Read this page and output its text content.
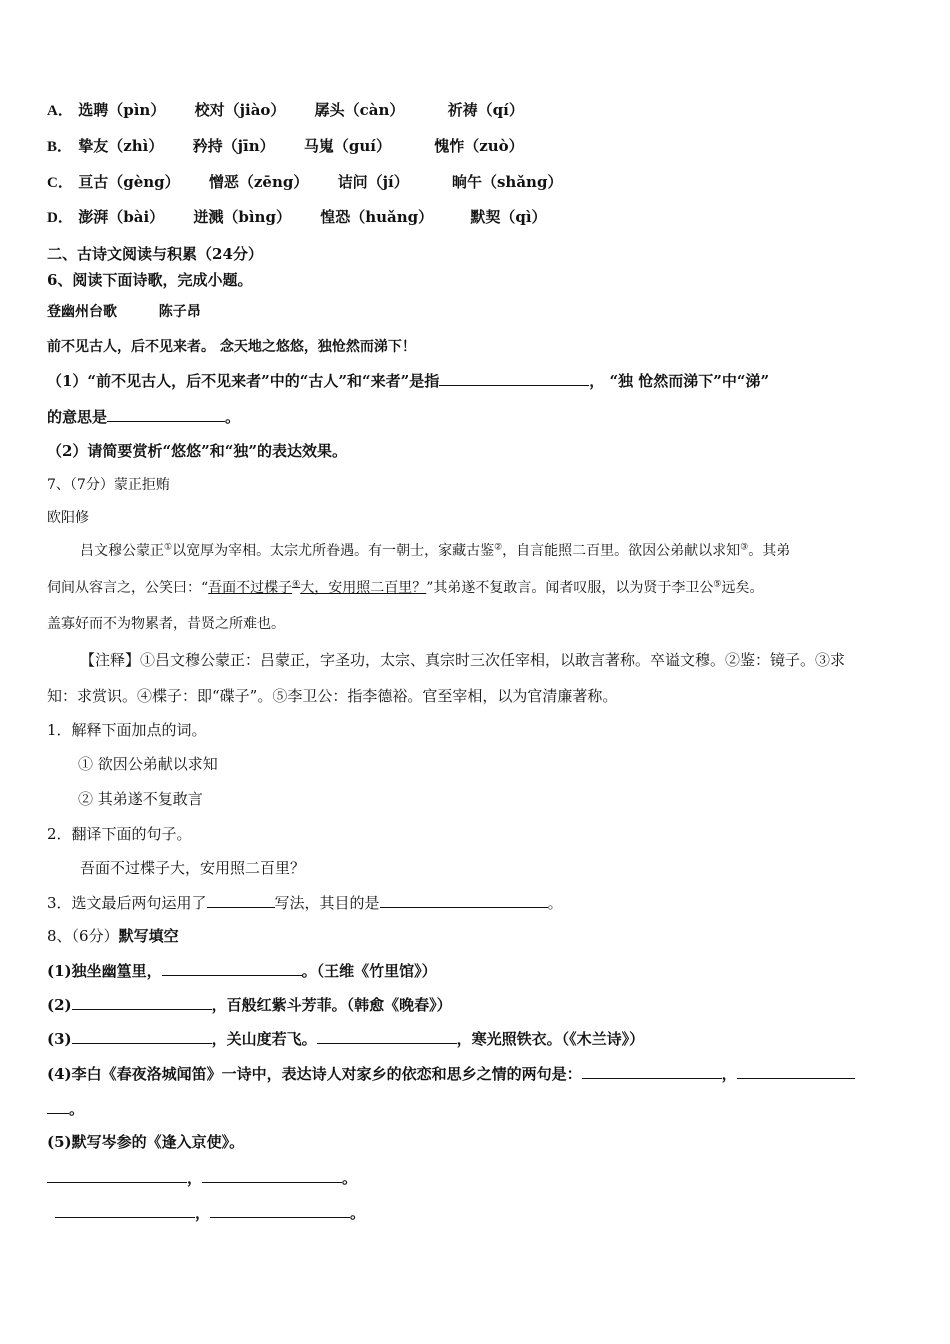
A． 选聘（pìn） 校对（jiào） 孱头（càn）	祈祷（qí）
B． 挚友（zhì） 矜持（jīn） 马嵬（guí）	愧怍（zuò）
C． 亘古（gèng） 憎恶（zēng） 诘问（jí）	晌午（shǎng）
D． 澎湃（bài） 迸溅（bìng） 惶恐（huǎng） 默契（qì）
二、古诗文阅读与积累（24分）
6、阅读下面诗歌，完成小题。
登幽州台歌	陈子昂
前不见古人，后不见来者。 念天地之悠悠，独怆然而涕下！
（1）“前不见古人，后不见来者”中的“古人”和“来者”是指	， “独 怆然而涕下”中“涕”
的意思是	。
（2）请简要赏析“悠悠”和“独”的表达效果。
7、（7分）蒙正拒贿
欧阳修
吕文穆公蒙正①以宽厚为宰相。太宗尤所眷遇。有一朝士，家藏古鉴②，自言能照二百里。欲因公弟献以求知③。其弟
伺间从容言之，公笑曰：“吾面不过楪子④大，安用照二百里？”其弟遂不复敢言。闻者叹服，以为贤于李卫公⑤远矣。
盖寡好而不为物累者，昔贤之所难也。
【注释】①吕文穆公蒙正：吕蒙正，字圣功，太宗、真宗时三次任宰相，以敢言著称。卒谥文穆。②鉴：镜子。③求
知：求赏识。④楪子：即“碟子”。⑤李卫公：指李德裕。官至宰相，以为官清廉著称。
1．解释下面加点的词。
① 欲因公弟献以求知
② 其弟遂不复敢言
2．翻译下面的句子。
吾面不过楪子大，安用照二百里？
3．选文最后两句运用了	写法，其目的是	。
8、（6分）默写填空
(1)独坐幽篁里，	。（王维《竹里馆》）
(2)	，百般红紫斗芳菲。（韩愈《晚春》）
(3)	，关山度若飞。	，寒光照铁衣。（《木兰诗》）
(4)李白《春夜洛城闻笛》一诗中，表达诗人对家乡的依恋和思乡之情的两句是：	，
。
(5)默写岑参的《逢入京使》。
，	。
，	。
